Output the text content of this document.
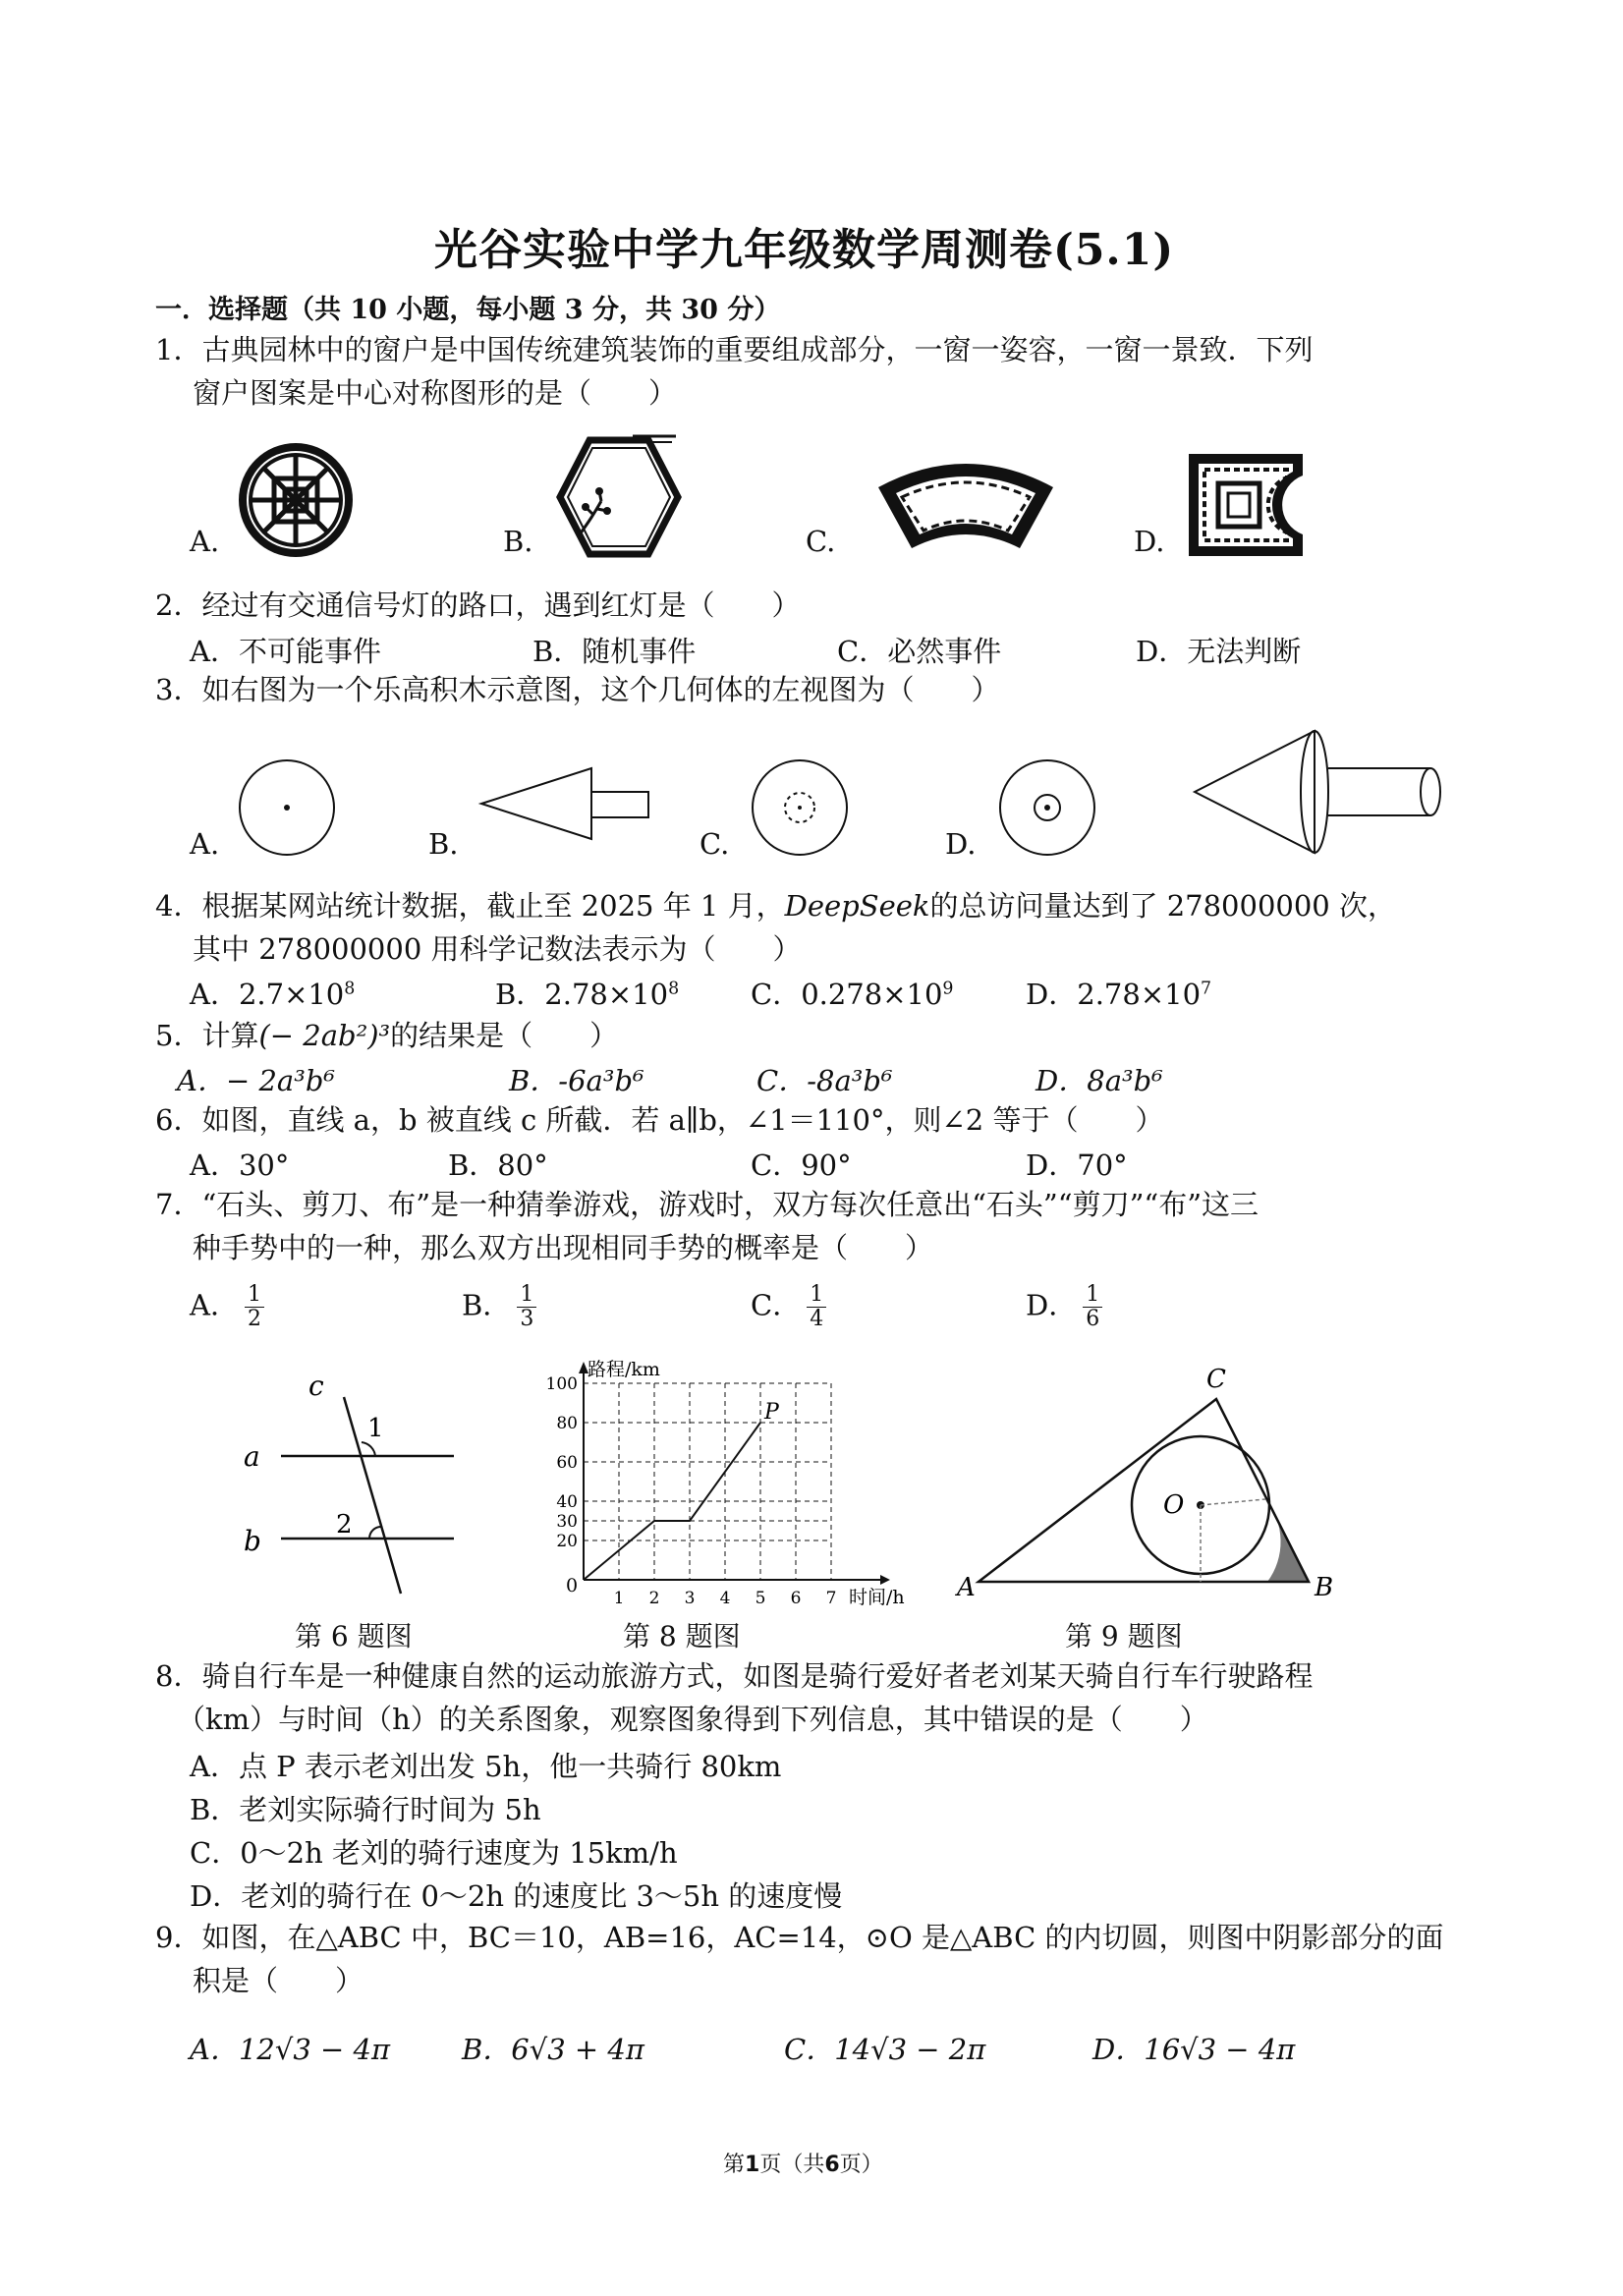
光谷实验中学九年级数学周测卷(5.1)
一．选择题（共 10 小题，每小题 3 分，共 30 分）
1．古典园林中的窗户是中国传统建筑装饰的重要组成部分，一窗一姿容，一窗一景致．下列
窗户图案是中心对称图形的是（　　）
A.	B.	C.	D.
2．经过有交通信号灯的路口，遇到红灯是（　　）
A．不可能事件	B．随机事件	C．必然事件	D．无法判断
3．如右图为一个乐高积木示意图，这个几何体的左视图为（　　）
A.	B.	C.	D.
4．根据某网站统计数据，截止至 2025 年 1 月，DeepSeek的总访问量达到了 278000000 次，
其中 278000000 用科学记数法表示为（　　）
A．$2.7\times 10^8$	B．$2.78\times 10^8$	C．$0.278\times 10^9$	D．$2.78\times 10^7$
5．计算(− 2ab²)³的结果是（　　）
A．− 2a³b⁶	B．-6a³b⁶	C．-8a³b⁶	D．8a³b⁶
6．如图，直线 a，b 被直线 c 所截．若 a∥b，∠1＝110°，则∠2 等于（　　）
A．30°	B．80°	C．90°	D．70°
7．“石头、剪刀、布”是一种猜拳游戏，游戏时，双方每次任意出“石头”“剪刀”“布”这三
种手势中的一种，那么双方出现相同手势的概率是（　　）
A． $\frac{1}{2}$	B． $\frac{1}{3}$	C． $\frac{1}{4}$	D． $\frac{1}{6}$
c
a
b
1
2
第 6 题图
100
80
60
40
30
20
1 2 3 4 5 6 7
路程/km
时间/h
0
P
第 8 题图
A	B
C
O
第 9 题图
8．骑自行车是一种健康自然的运动旅游方式，如图是骑行爱好者老刘某天骑自行车行驶路程
（km）与时间（h）的关系图象，观察图象得到下列信息，其中错误的是（　　）
A．点 P 表示老刘出发 5h，他一共骑行 80km
B．老刘实际骑行时间为 5h
C．0～2h 老刘的骑行速度为 15km/h
D．老刘的骑行在 0～2h 的速度比 3～5h 的速度慢
9．如图，在△ABC 中，BC＝10，AB=16，AC=14，⊙O 是△ABC 的内切圆，则图中阴影部分的面
积是（　　）
A．12√3 − 4π	B．6√3 + 4π	C．14√3 − 2π	D．16√3 − 4π
第1页（共6页）
